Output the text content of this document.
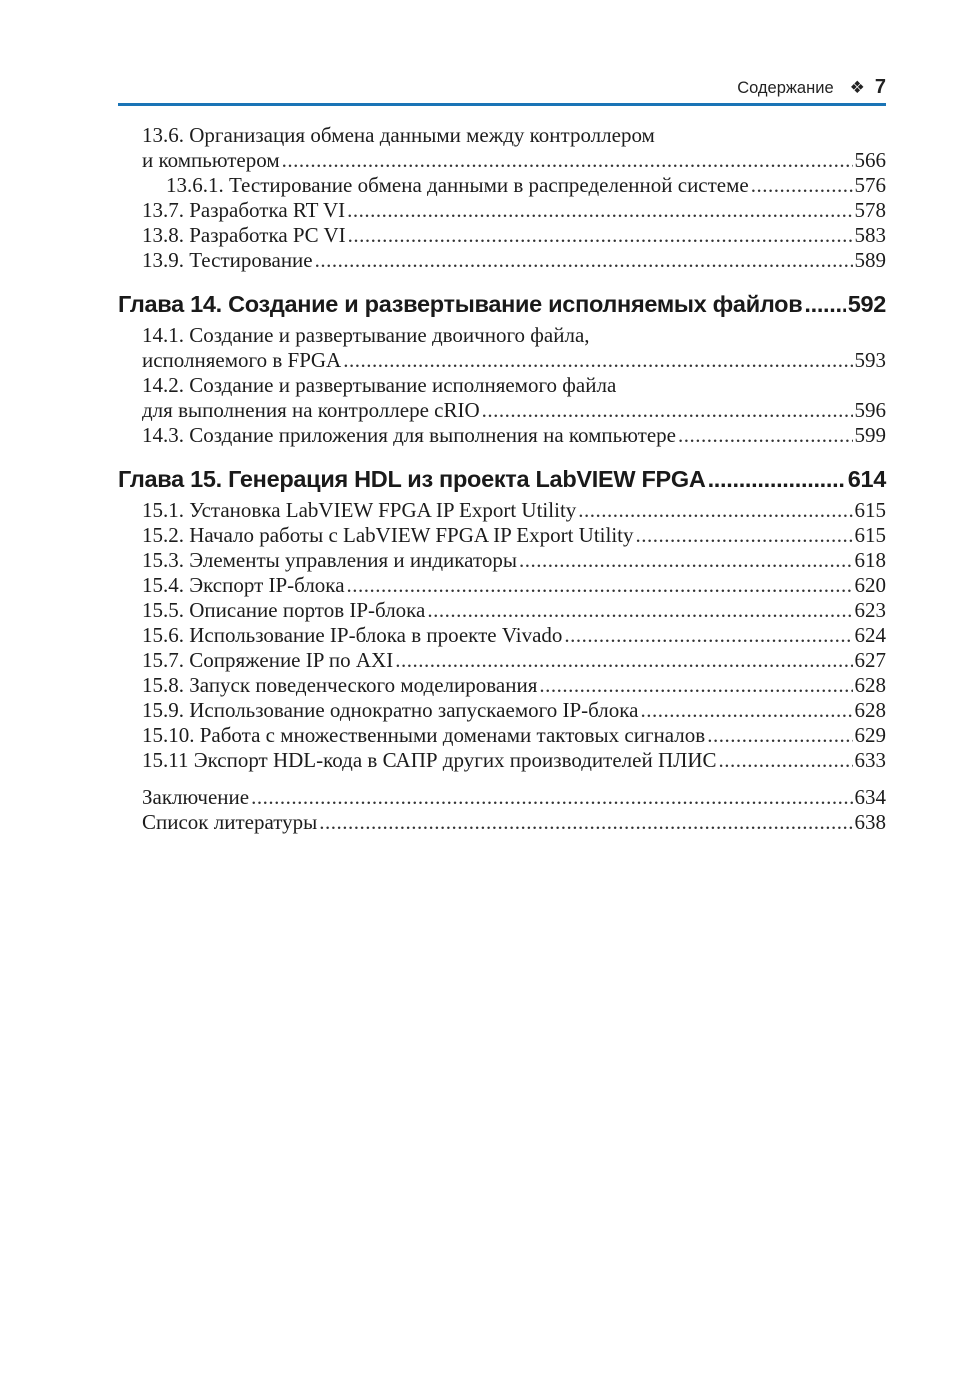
Содержание ❖ 7
13.6. Организация обмена данными между контроллером
и компьютером .....	566
13.6.1. Тестирование обмена данными в распределенной системе .....	576
13.7. Разработка RT VI .....	578
13.8. Разработка PC VI .....	583
13.9. Тестирование .....	589
Глава 14. Создание и развертывание исполняемых файлов ..... 592
14.1. Создание и развертывание двоичного файла,
исполняемого в FPGA .....	593
14.2. Создание и развертывание исполняемого файла
для выполнения на контроллере cRIO .....	596
14.3. Создание приложения для выполнения на компьютере .....	599
Глава 15. Генерация HDL из проекта LabVIEW FPGA .....	614
15.1. Установка LabVIEW FPGA IP Export Utility .....	615
15.2. Начало работы с LabVIEW FPGA IP Export Utility .....	615
15.3. Элементы управления и индикаторы .....	618
15.4. Экспорт IP-блока .....	620
15.5. Описание портов IP-блока .....	623
15.6. Использование IP-блока в проекте Vivado .....	624
15.7. Сопряжение IP по AXI .....	627
15.8. Запуск поведенческого моделирования .....	628
15.9. Использование однократно запускаемого IP-блока .....	628
15.10. Работа с множественными доменами тактовых сигналов .....	629
15.11 Экспорт HDL-кода в САПР других производителей ПЛИС .....	633
Заключение .....	634
Список литературы .....	638
